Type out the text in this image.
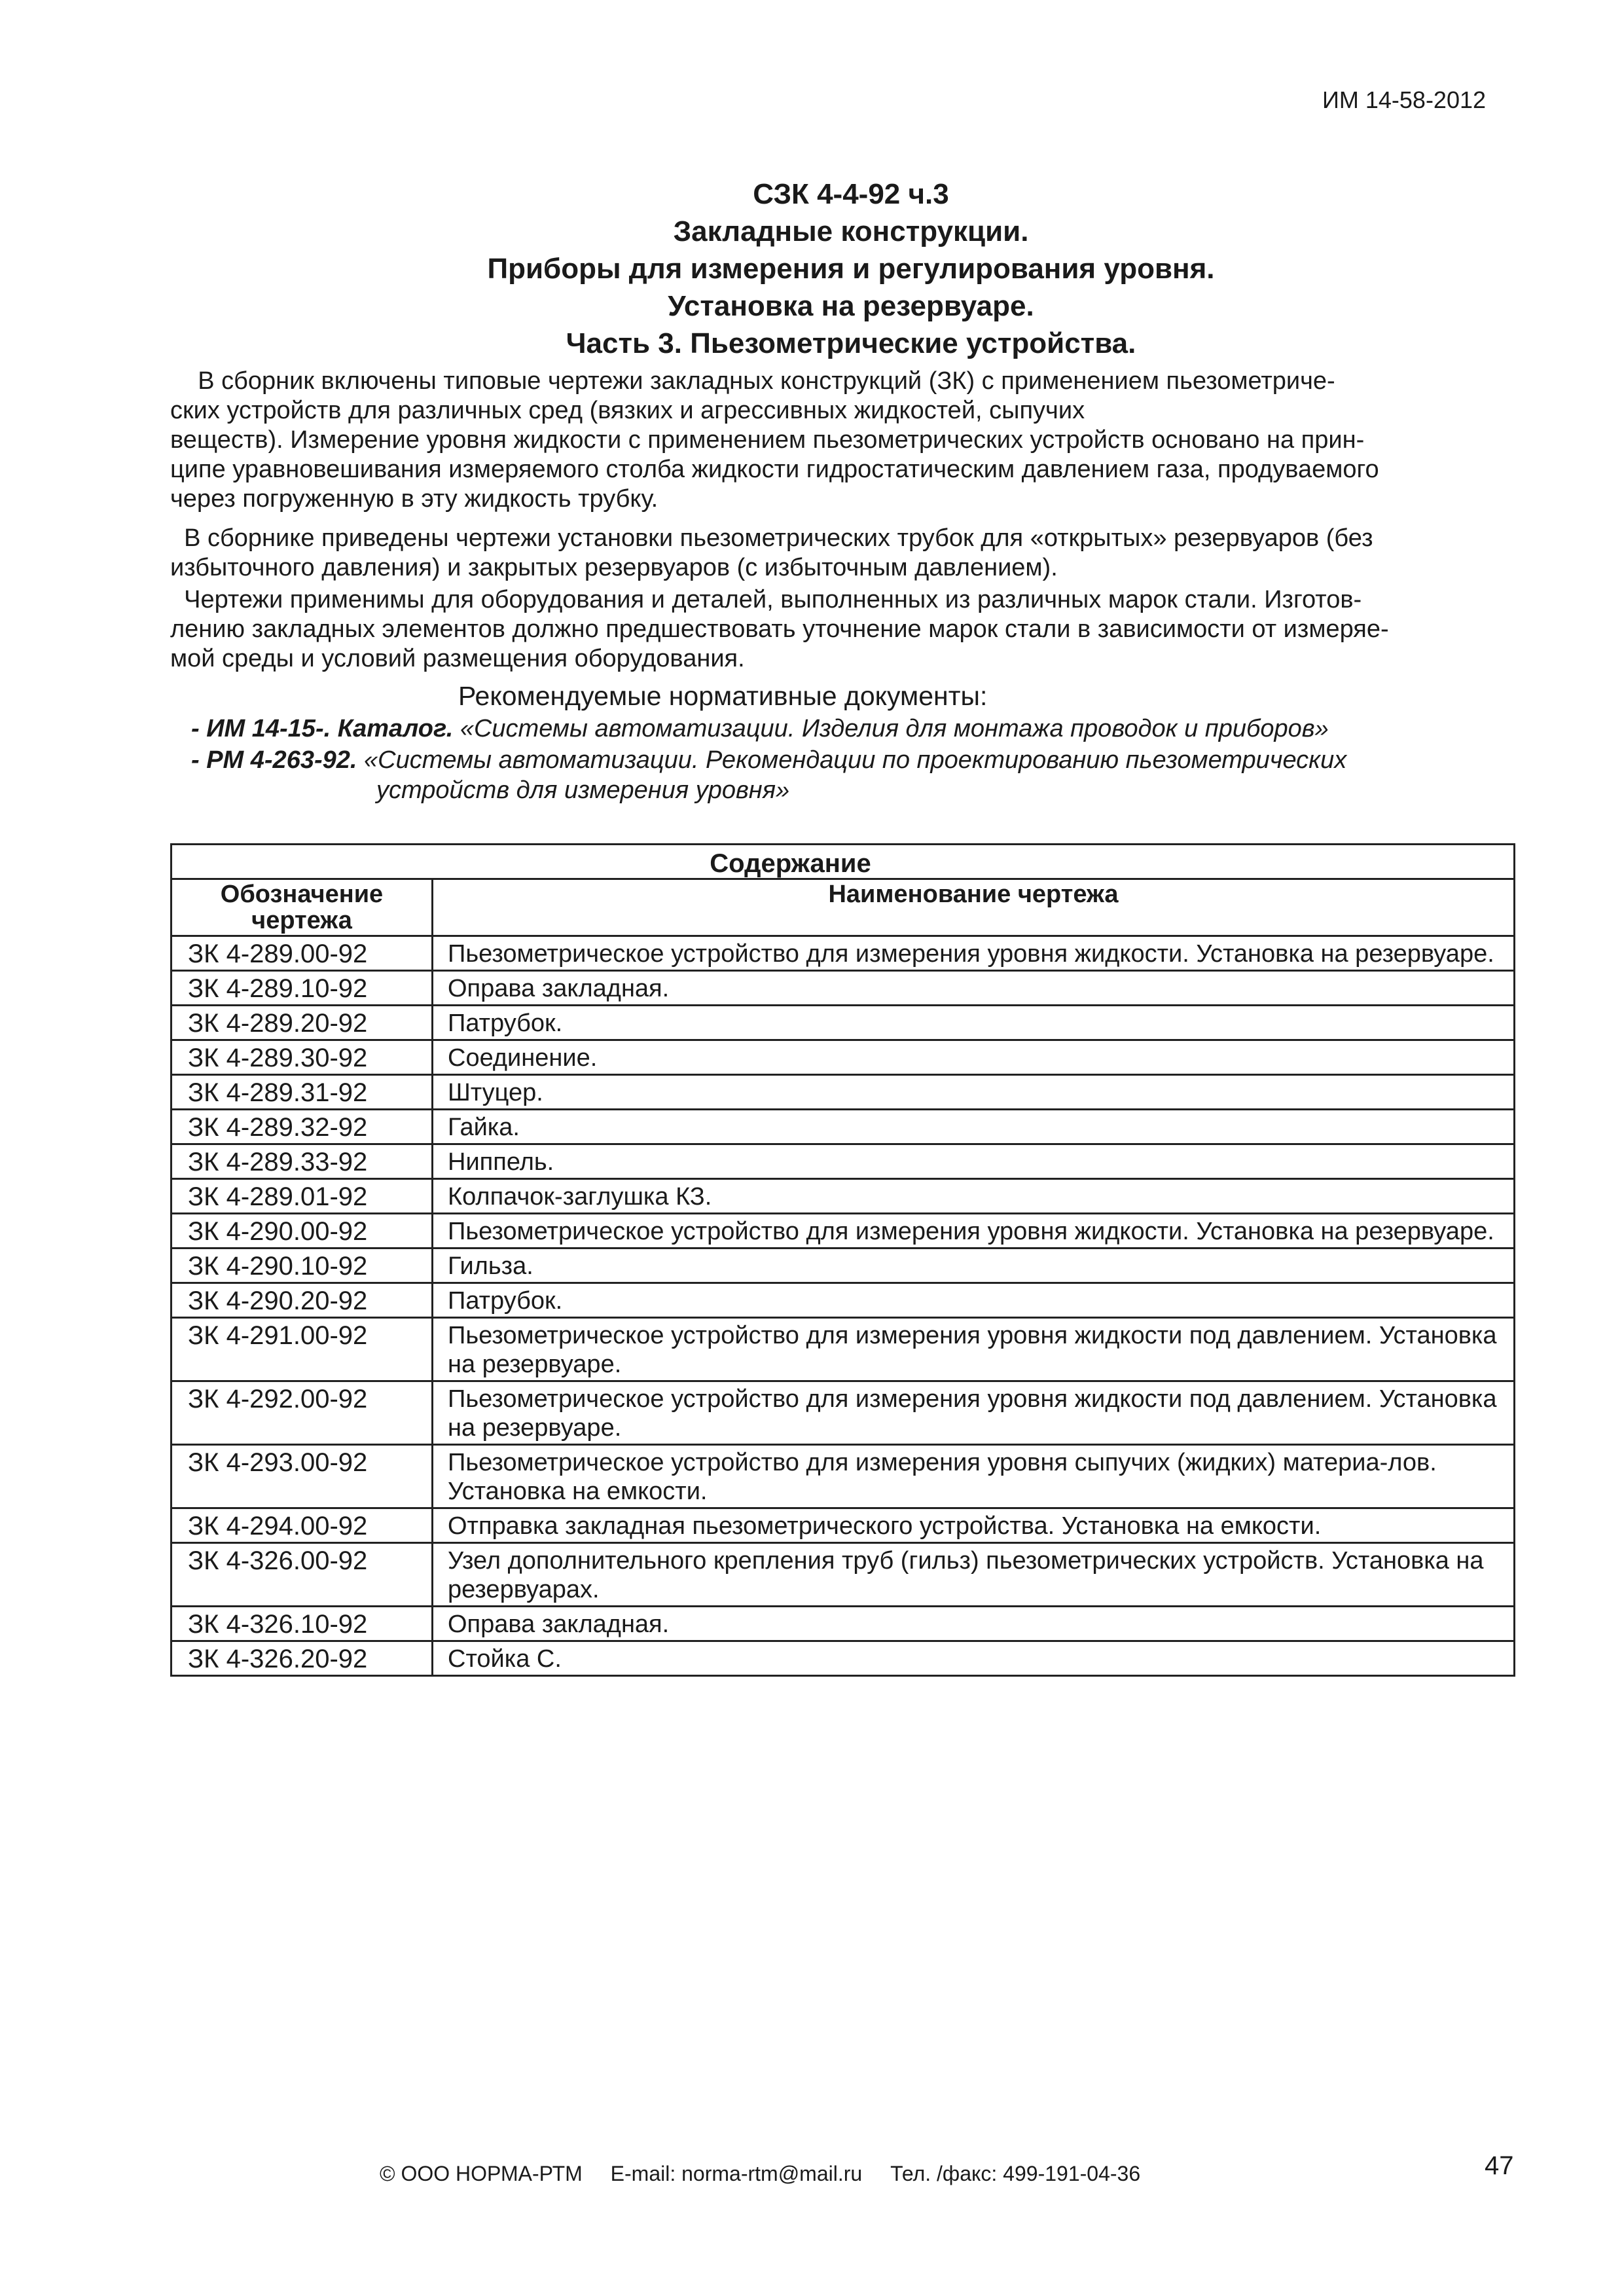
ИМ 14-58-2012
СЗК 4-4-92 ч.3
Закладные конструкции.
Приборы для измерения и регулирования уровня.
Установка на резервуаре.
Часть 3. Пьезометрические устройства.
В сборник включены типовые чертежи закладных конструкций (ЗК) с применением пьезометриче-
ских устройств для различных сред (вязких и агрессивных жидкостей, сыпучих
веществ). Измерение уровня жидкости с применением пьезометрических устройств основано на прин-
ципе уравновешивания измеряемого столба жидкости гидростатическим давлением газа, продуваемого
через погруженную в эту жидкость трубку.
В сборнике приведены чертежи установки пьезометрических трубок для «открытых» резервуаров (без
избыточного давления) и закрытых резервуаров (с избыточным давлением).
Чертежи применимы для оборудования и деталей, выполненных из различных марок стали. Изготов-
лению закладных элементов должно предшествовать уточнение марок стали в зависимости от измеряе-
мой среды и условий размещения оборудования.
Рекомендуемые нормативные документы:
- ИМ 14-15-. Каталог. «Системы автоматизации. Изделия для монтажа проводок и приборов»
- РМ 4-263-92. «Системы автоматизации. Рекомендации по проектированию пьезометрических
устройств для измерения уровня»
Содержание	
Обозначение чертежа	Наименование чертежа
ЗК 4-289.00-92	Пьезометрическое устройство для измерения уровня жидкости. Установка на резервуаре.
ЗК 4-289.10-92	Оправа закладная.
ЗК 4-289.20-92	Патрубок.
ЗК 4-289.30-92	Соединение.
ЗК 4-289.31-92	Штуцер.
ЗК 4-289.32-92	Гайка.
ЗК 4-289.33-92	Ниппель.
ЗК 4-289.01-92	Колпачок-заглушка КЗ.
ЗК 4-290.00-92	Пьезометрическое устройство для измерения уровня жидкости. Установка на резервуаре.
ЗК 4-290.10-92	Гильза.
ЗК 4-290.20-92	Патрубок.
ЗК 4-291.00-92	Пьезометрическое устройство для измерения уровня жидкости под давлением. Установка на резервуаре.
ЗК 4-292.00-92	Пьезометрическое устройство для измерения уровня жидкости под давлением. Установка на резервуаре.
ЗК 4-293.00-92	Пьезометрическое устройство для измерения уровня сыпучих (жидких) материа-лов. Установка на емкости.
ЗК 4-294.00-92	Отправка закладная пьезометрического устройства. Установка на емкости.
ЗК 4-326.00-92	Узел дополнительного крепления труб (гильз) пьезометрических устройств. Установка на резервуарах.
ЗК 4-326.10-92	Оправа закладная.
ЗК 4-326.20-92	Стойка С.
© ООО НОРМА-РТМ E-mail: norma-rtm@mail.ru Тел. /факс: 499-191-04-36	47
